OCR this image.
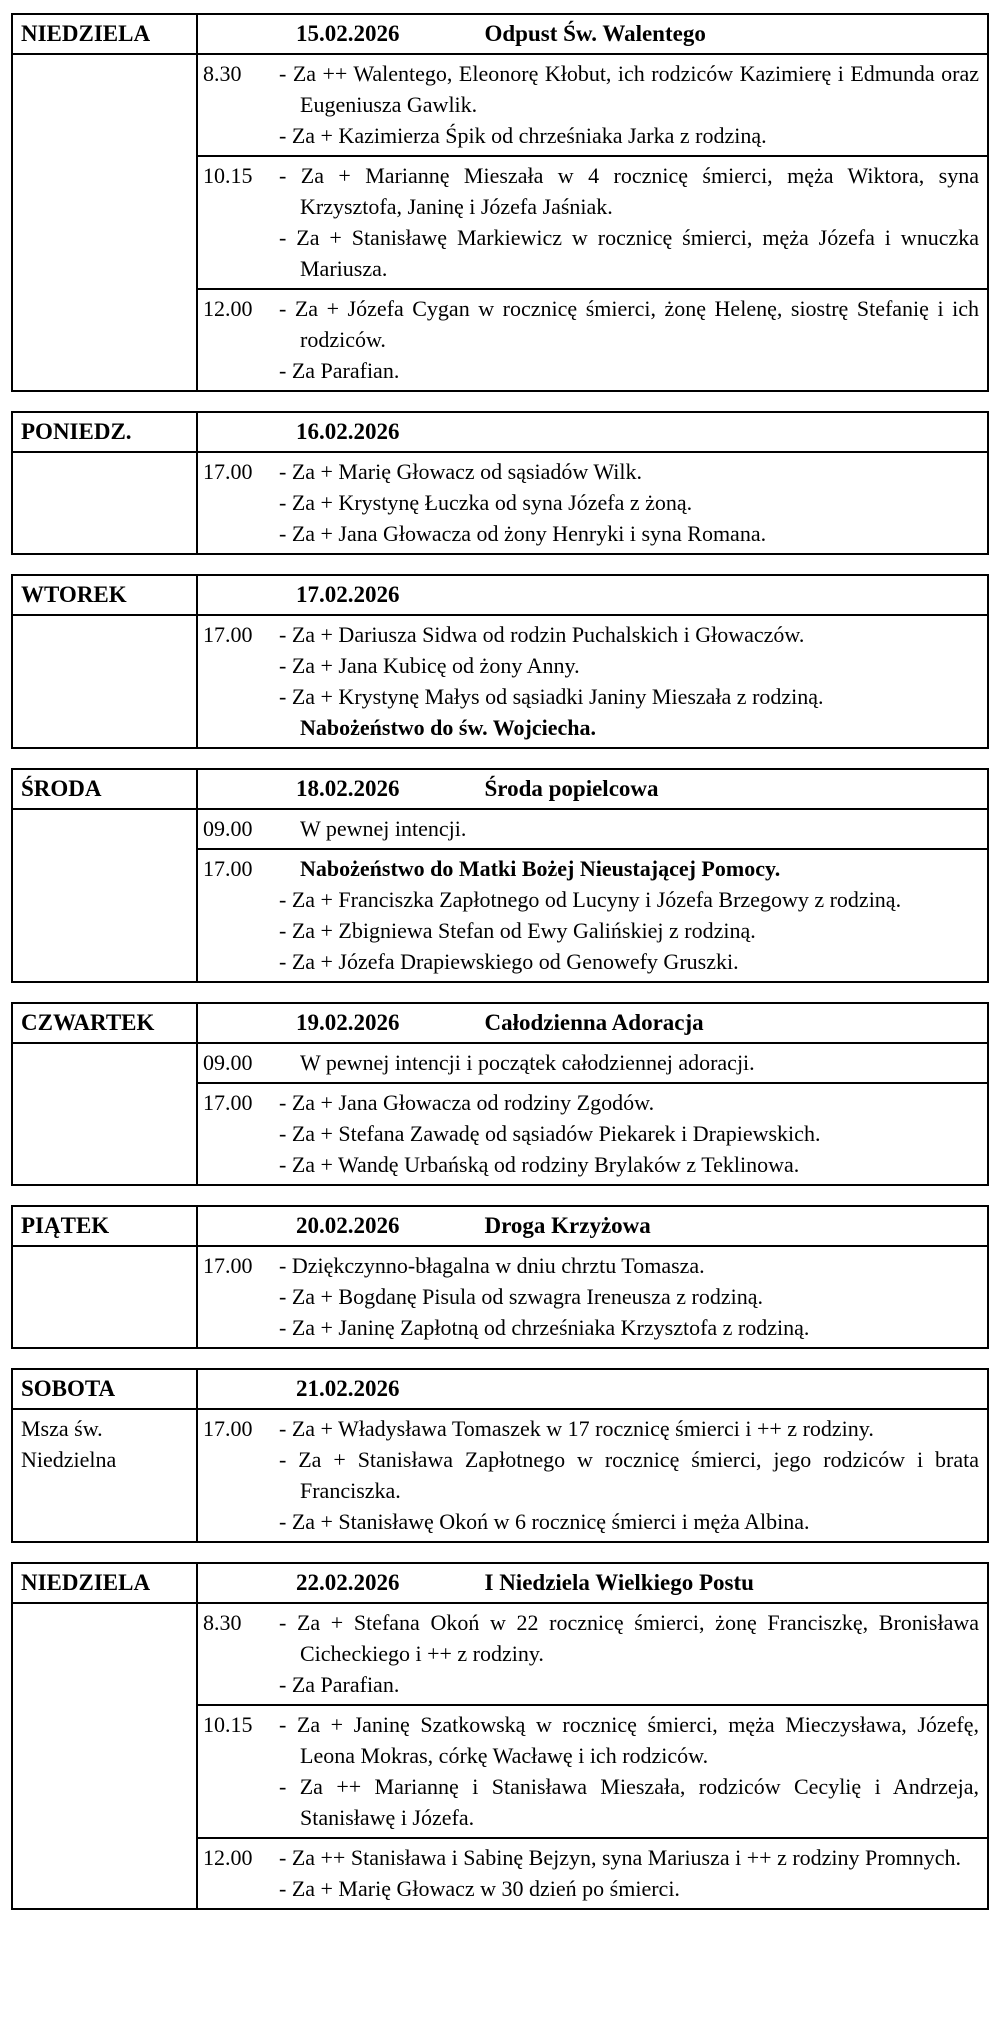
NIEDZIELA	15.02.2026 Odpust Św. Walentego

	8.30 - Za ++ Walentego, Eleonorę Kłobut, ich rodziców Kazimierę i Edmunda oraz Eugeniusza Gawlik.

- Za + Kazimierza Śpik od chrześniaka Jarka z rodziną.

	10.15 - Za + Mariannę Mieszała w 4 rocznicę śmierci, męża Wiktora, syna Krzysztofa, Janinę i Józefa Jaśniak.

- Za + Stanisławę Markiewicz w rocznicę śmierci, męża Józefa i wnuczka Mariusza.

	12.00 - Za + Józefa Cygan w rocznicę śmierci, żonę Helenę, siostrę Stefanię i ich rodziców.

- Za Parafian.

PONIEDZ.	16.02.2026

	17.00 - Za + Marię Głowacz od sąsiadów Wilk.

- Za + Krystynę Łuczka od syna Józefa z żoną.

- Za + Jana Głowacza od żony Henryki i syna Romana.

WTOREK	17.02.2026

	17.00 - Za + Dariusza Sidwa od rodzin Puchalskich i Głowaczów.

- Za + Jana Kubicę od żony Anny.

- Za + Krystynę Małys od sąsiadki Janiny Mieszała z rodziną.

Nabożeństwo do św. Wojciecha.

ŚRODA	18.02.2026 Środa popielcowa

	09.00 W pewnej intencji.

	17.00 Nabożeństwo do Matki Bożej Nieustającej Pomocy.

- Za + Franciszka Zapłotnego od Lucyny i Józefa Brzegowy z rodziną.

- Za + Zbigniewa Stefan od Ewy Galińskiej z rodziną.

- Za + Józefa Drapiewskiego od Genowefy Gruszki.

CZWARTEK	19.02.2026 Całodzienna Adoracja

	09.00 W pewnej intencji i początek całodziennej adoracji.

	17.00 - Za + Jana Głowacza od rodziny Zgodów.

- Za + Stefana Zawadę od sąsiadów Piekarek i Drapiewskich.

- Za + Wandę Urbańską od rodziny Brylaków z Teklinowa.

PIĄTEK	20.02.2026 Droga Krzyżowa

	17.00 - Dziękczynno-błagalna w dniu chrztu Tomasza.

- Za + Bogdanę Pisula od szwagra Ireneusza z rodziną.

- Za + Janinę Zapłotną od chrześniaka Krzysztofa z rodziną.

SOBOTA	21.02.2026
Msza św. Niedzielna	17.00 - Za + Władysława Tomaszek w 17 rocznicę śmierci i ++ z rodziny.

- Za + Stanisława Zapłotnego w rocznicę śmierci, jego rodziców i brata Franciszka.

- Za + Stanisławę Okoń w 6 rocznicę śmierci i męża Albina.

NIEDZIELA	22.02.2026 I Niedziela Wielkiego Postu

	8.30 - Za + Stefana Okoń w 22 rocznicę śmierci, żonę Franciszkę, Bronisława Cicheckiego i ++ z rodziny.

- Za Parafian.

	10.15 - Za + Janinę Szatkowską w rocznicę śmierci, męża Mieczysława, Józefę, Leona Mokras, córkę Wacławę i ich rodziców.

- Za ++ Mariannę i Stanisława Mieszała, rodziców Cecylię i Andrzeja, Stanisławę i Józefa.

	12.00 - Za ++ Stanisława i Sabinę Bejzyn, syna Mariusza i ++ z rodziny Promnych.

- Za + Marię Głowacz w 30 dzień po śmierci.
